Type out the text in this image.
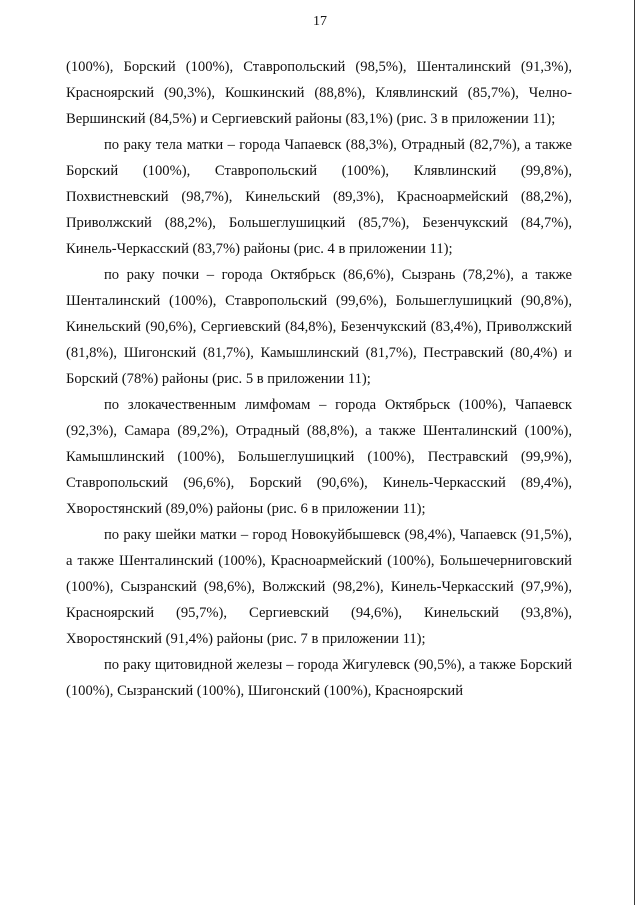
17

(100%), Борский (100%), Ставропольский (98,5%), Шенталинский (91,3%), Красноярский (90,3%), Кошкинский (88,8%), Клявлинский (85,7%), Челно-Вершинский (84,5%) и Сергиевский районы (83,1%) (рис. 3 в приложении 11);

по раку тела матки – города Чапаевск (88,3%), Отрадный (82,7%), а также Борский (100%), Ставропольский (100%), Клявлинский (99,8%), Похвистневский (98,7%), Кинельский (89,3%), Красноармейский (88,2%), Приволжский (88,2%), Большеглушицкий (85,7%), Безенчукский (84,7%), Кинель-Черкасский (83,7%) районы (рис. 4 в приложении 11);

по раку почки – города Октябрьск (86,6%), Сызрань (78,2%), а также Шенталинский (100%), Ставропольский (99,6%), Большеглушицкий (90,8%), Кинельский (90,6%), Сергиевский (84,8%), Безенчукский (83,4%), Приволжский (81,8%), Шигонский (81,7%), Камышлинский (81,7%), Пестравский (80,4%) и Борский (78%) районы (рис. 5 в приложении 11);

по злокачественным лимфомам – города Октябрьск (100%), Чапаевск (92,3%), Самара (89,2%), Отрадный (88,8%), а также Шенталинский (100%), Камышлинский (100%), Большеглушицкий (100%), Пестравский (99,9%), Ставропольский (96,6%), Борский (90,6%), Кинель-Черкасский (89,4%), Хворостянский (89,0%) районы (рис. 6 в приложении 11);

по раку шейки матки – город Новокуйбышевск (98,4%), Чапаевск (91,5%), а также Шенталинский (100%), Красноармейский (100%), Большечерниговский (100%), Сызранский (98,6%), Волжский (98,2%), Кинель-Черкасский (97,9%), Красноярский (95,7%), Сергиевский (94,6%), Кинельский (93,8%), Хворостянский (91,4%) районы (рис. 7 в приложении 11);

по раку щитовидной железы – города Жигулевск (90,5%), а также Борский (100%), Сызранский (100%), Шигонский (100%), Красноярский
